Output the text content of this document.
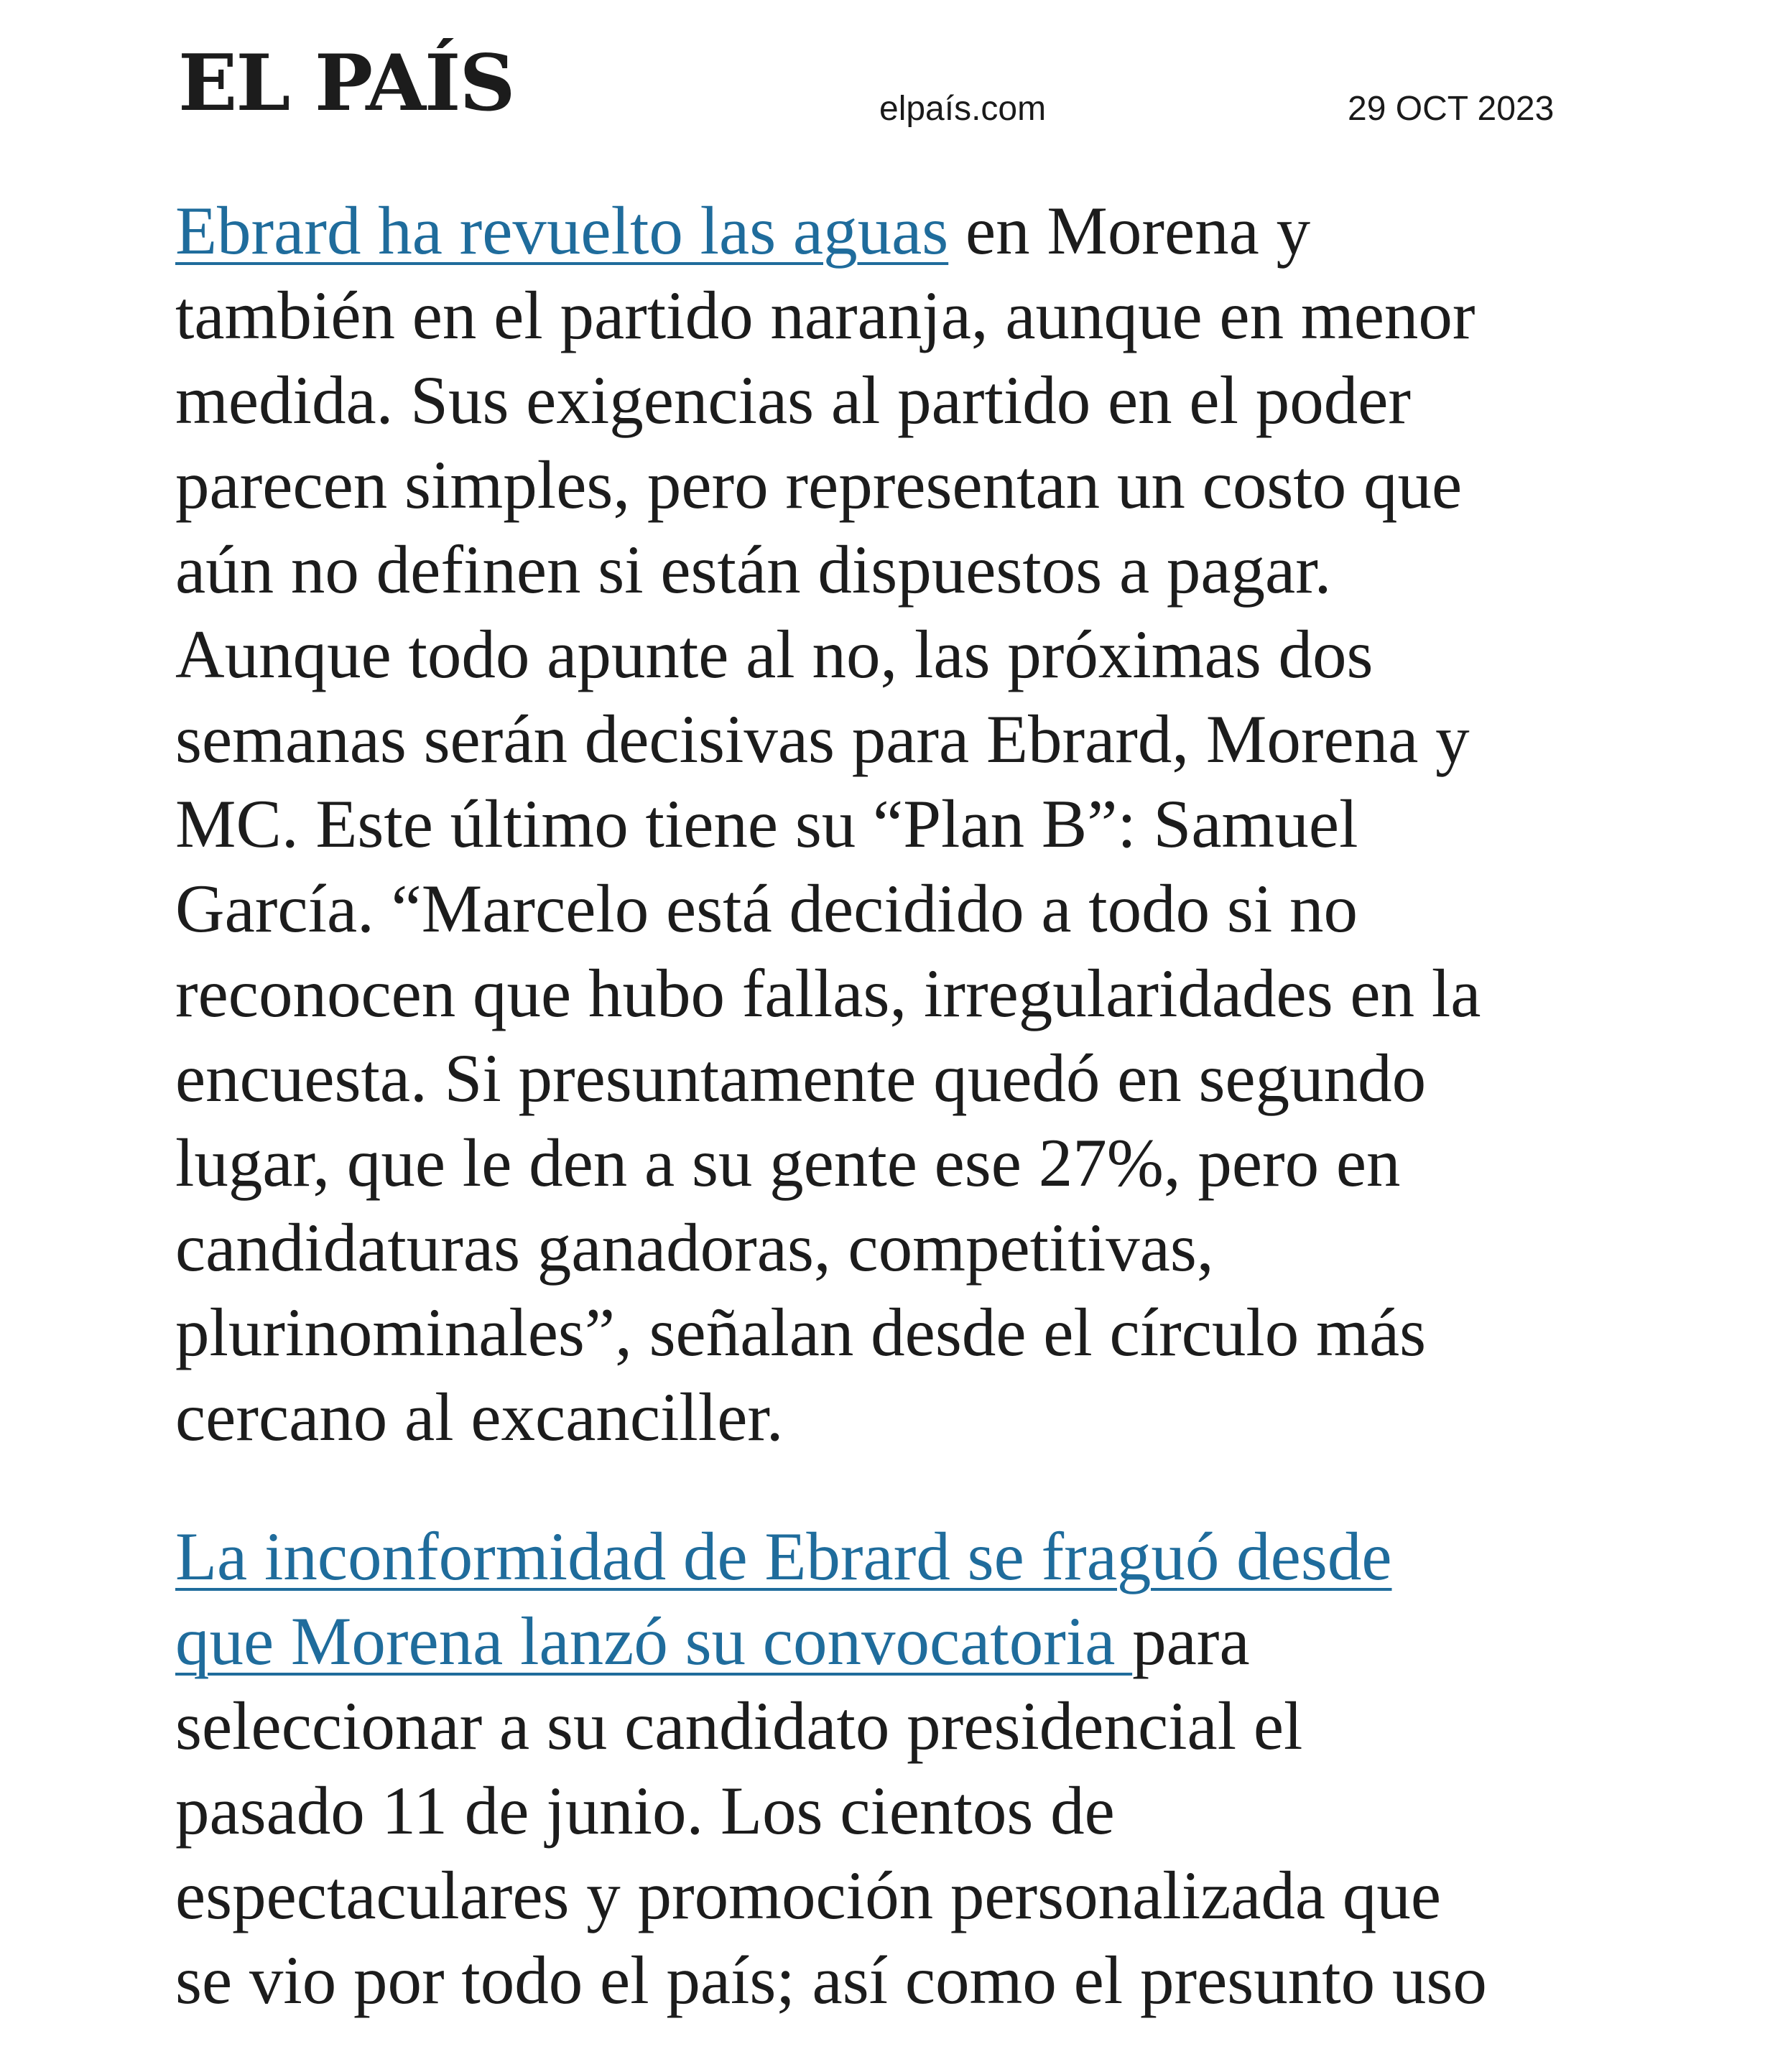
EL PAÍS	elpaís.com	29 OCT 2023

Ebrard ha revuelto las aguas en Morena y
también en el partido naranja, aunque en menor
medida. Sus exigencias al partido en el poder
parecen simples, pero representan un costo que
aún no definen si están dispuestos a pagar.
Aunque todo apunte al no, las próximas dos
semanas serán decisivas para Ebrard, Morena y
MC. Este último tiene su “Plan B”: Samuel
García. “Marcelo está decidido a todo si no
reconocen que hubo fallas, irregularidades en la
encuesta. Si presuntamente quedó en segundo
lugar, que le den a su gente ese 27%, pero en
candidaturas ganadoras, competitivas,
plurinominales”, señalan desde el círculo más
cercano al excanciller.

La inconformidad de Ebrard se fraguó desde
que Morena lanzó su convocatoria para
seleccionar a su candidato presidencial el
pasado 11 de junio. Los cientos de
espectaculares y promoción personalizada que
se vio por todo el país; así como el presunto uso
